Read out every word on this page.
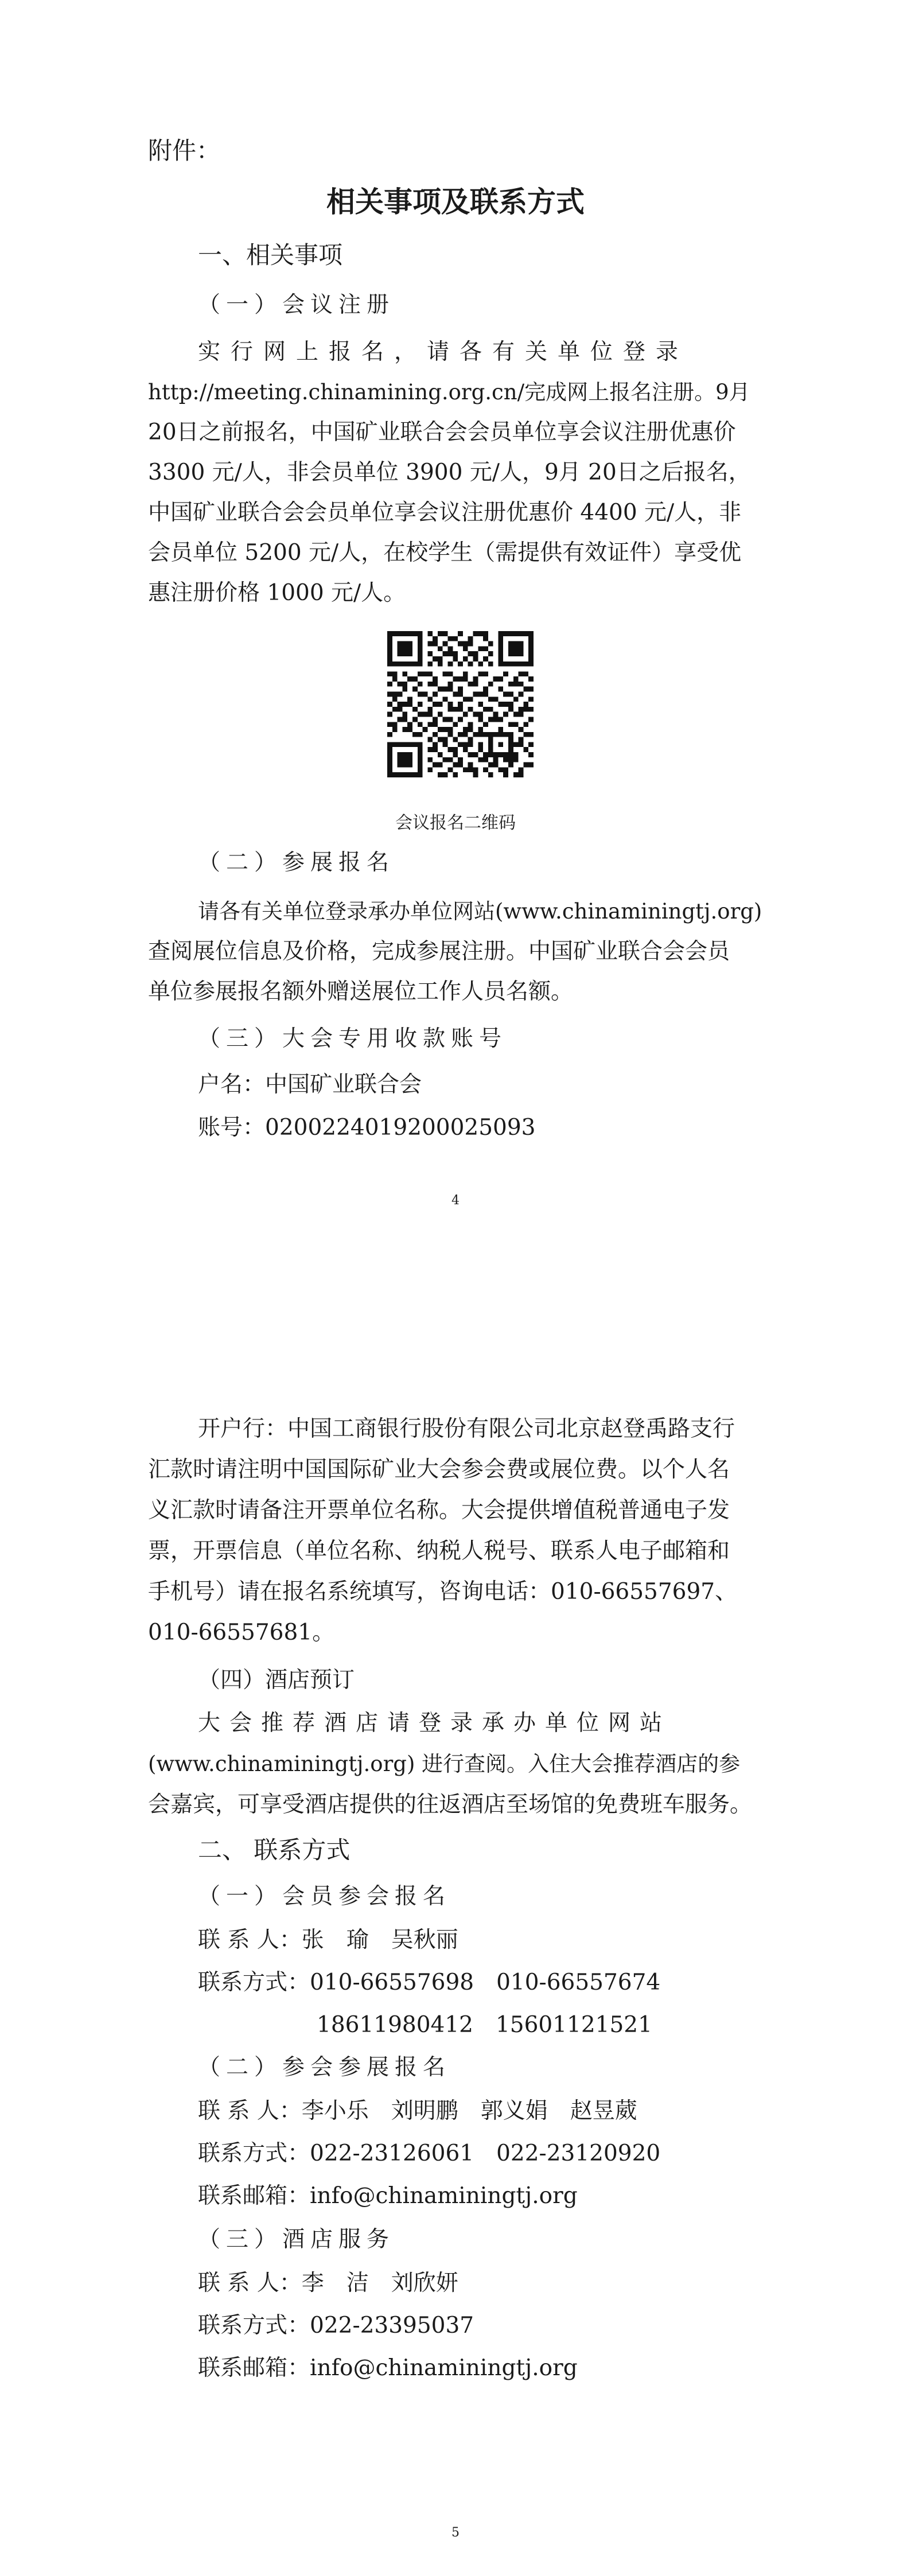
附件：
相关事项及联系方式
一、相关事项
（一）会议注册
实行网上报名，请各有关单位登录
http://meeting.chinamining.org.cn/完成网上报名注册。9月
20日之前报名，中国矿业联合会会员单位享会议注册优惠价
3300 元/人，非会员单位 3900 元/人，9月 20日之后报名，
中国矿业联合会会员单位享会议注册优惠价 4400 元/人，非
会员单位 5200 元/人，在校学生（需提供有效证件）享受优
惠注册价格 1000 元/人。
会议报名二维码
（二）参展报名
请各有关单位登录承办单位网站(www.chinaminingtj.org)
查阅展位信息及价格，完成参展注册。中国矿业联合会会员
单位参展报名额外赠送展位工作人员名额。
（三）大会专用收款账号
户名：中国矿业联合会
账号：0200224019200025093
4
开户行：中国工商银行股份有限公司北京赵登禹路支行
汇款时请注明中国国际矿业大会参会费或展位费。以个人名
义汇款时请备注开票单位名称。大会提供增值税普通电子发
票，开票信息（单位名称、纳税人税号、联系人电子邮箱和
手机号）请在报名系统填写，咨询电话：010-66557697、
010-66557681。
（四）酒店预订
大会推荐酒店请登录承办单位网站
(www.chinaminingtj.org) 进行查阅。入住大会推荐酒店的参
会嘉宾，可享受酒店提供的往返酒店至场馆的免费班车服务。
二、 联系方式
（一）会员参会报名
联 系 人：张　瑜　吴秋丽
联系方式：010-66557698　010-66557674
18611980412　15601121521
（二）参会参展报名
联 系 人：李小乐　刘明鹏　郭义娟　赵昱葳
联系方式：022-23126061　022-23120920
联系邮箱：info@chinaminingtj.org
（三）酒店服务
联 系 人：李　洁　刘欣妍
联系方式：022-23395037
联系邮箱：info@chinaminingtj.org
5
